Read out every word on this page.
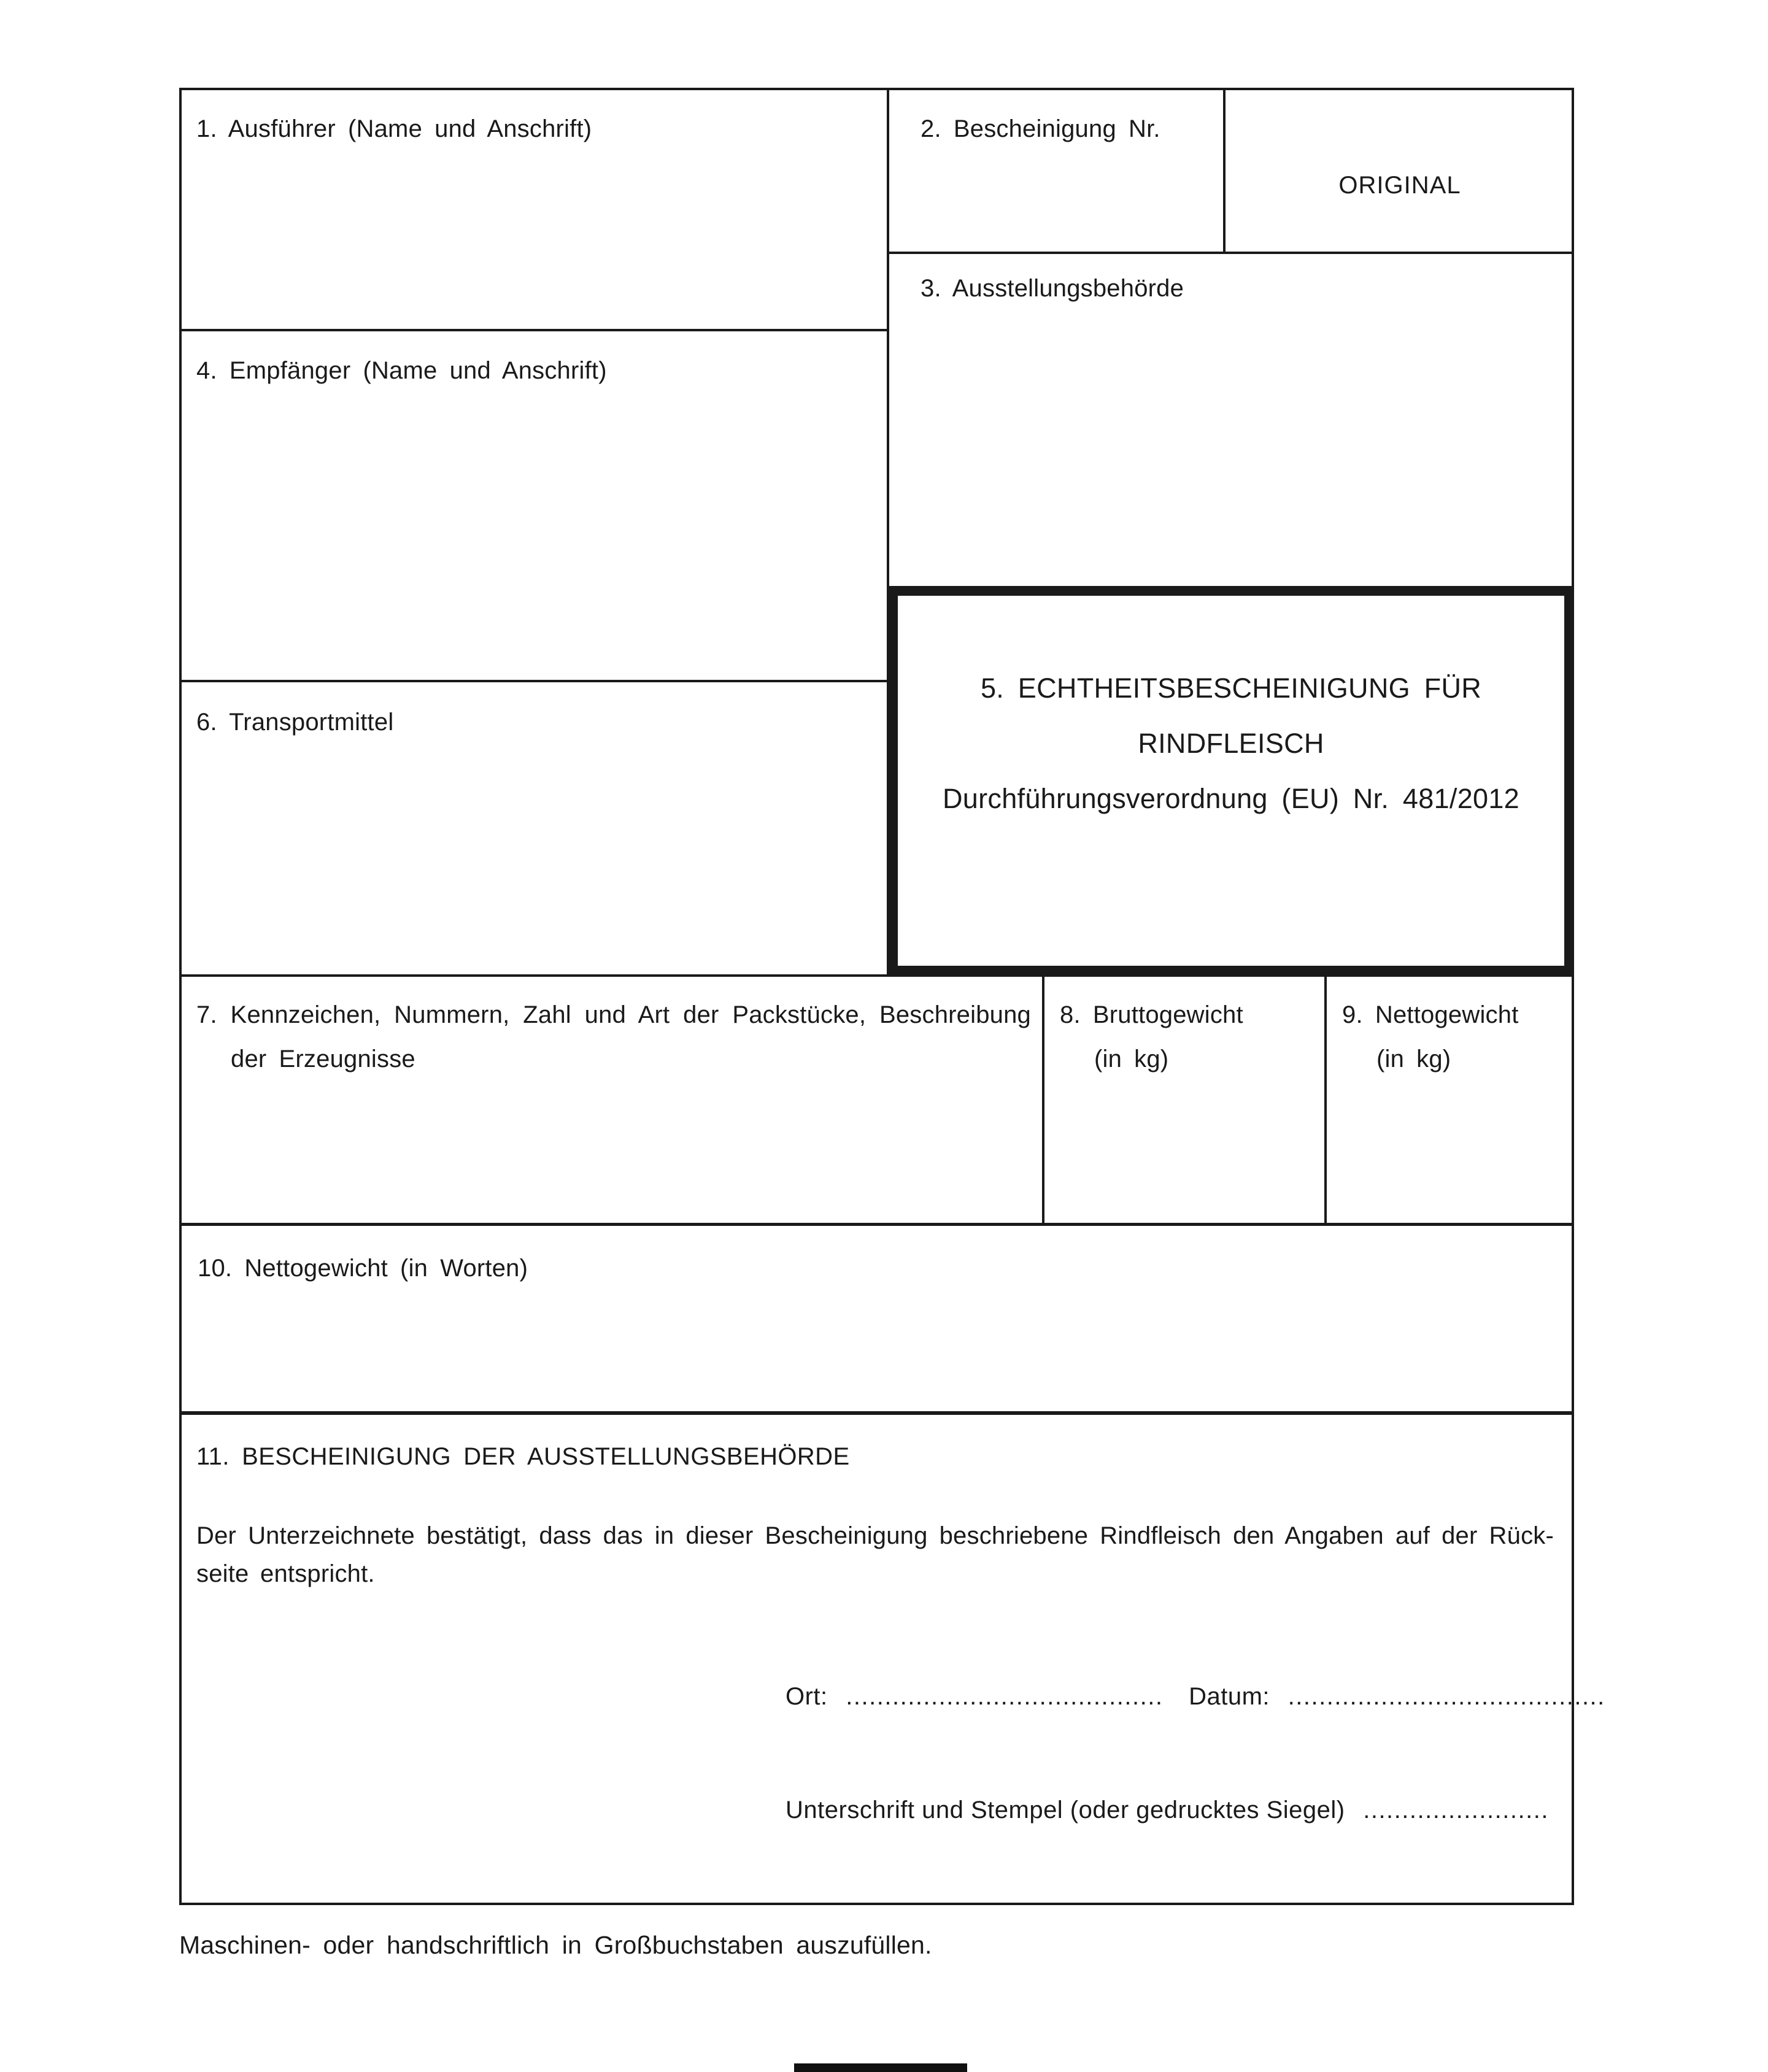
1. Ausführer (Name und Anschrift)	2. Bescheinigung Nr.
ORIGINAL
3. Ausstellungsbehörde
4. Empfänger (Name und Anschrift)
5. ECHTHEITSBESCHEINIGUNG FÜR
RINDFLEISCH
Durchführungsverordnung (EU) Nr. 481/2012
6. Transportmittel
7. Kennzeichen, Nummern, Zahl und Art der Packstücke, Beschreibung
der Erzeugnisse
8. Bruttogewicht
(in kg)
9. Nettogewicht
(in kg)
10. Nettogewicht (in Worten)
11. BESCHEINIGUNG DER AUSSTELLUNGSBEHÖRDE
Der Unterzeichnete bestätigt, dass das in dieser Bescheinigung beschriebene Rindfleisch den Angaben auf der Rück-
seite entspricht.
Ort: ......................................... Datum: .........................................
Unterschrift und Stempel (oder gedrucktes Siegel) ........................
Maschinen- oder handschriftlich in Großbuchstaben auszufüllen.
